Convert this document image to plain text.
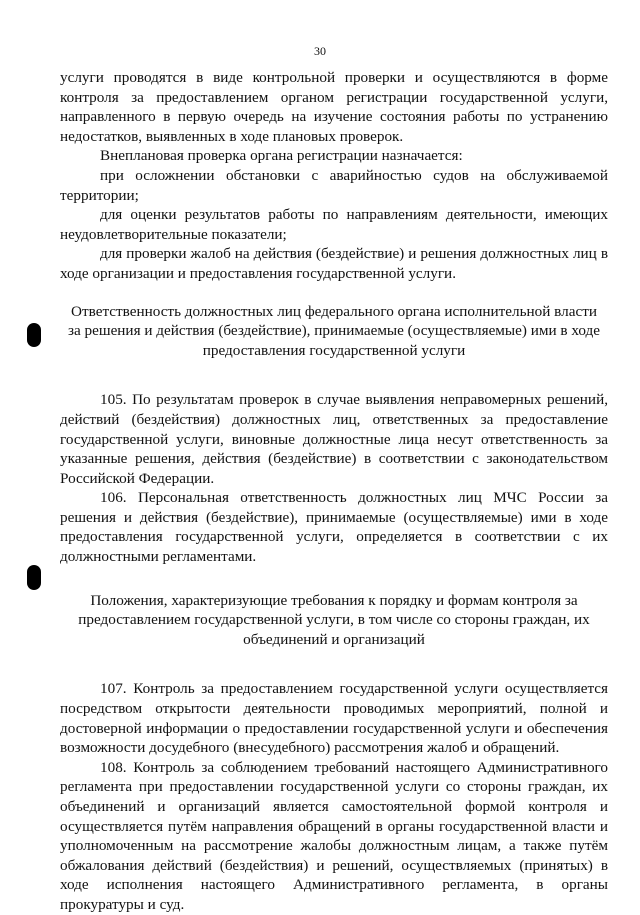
30

услуги проводятся в виде контрольной проверки и осуществляются в форме контроля за предоставлением органом регистрации государственной услуги, направленного в первую очередь на изучение состояния работы по устранению недостатков, выявленных в ходе плановых проверок.

Внеплановая проверка органа регистрации назначается:

при осложнении обстановки с аварийностью судов на обслуживаемой территории;

для оценки результатов работы по направлениям деятельности, имеющих неудовлетворительные показатели;

для проверки жалоб на действия (бездействие) и решения должностных лиц в ходе организации и предоставления государственной услуги.

Ответственность должностных лиц федерального органа исполнительной власти за решения и действия (бездействие), принимаемые (осуществляемые) ими в ходе предоставления государственной услуги

105. По результатам проверок в случае выявления неправомерных решений, действий (бездействия) должностных лиц, ответственных за предоставление государственной услуги, виновные должностные лица несут ответственность за указанные решения, действия (бездействие) в соответствии с законодательством Российской Федерации.

106. Персональная ответственность должностных лиц МЧС России за решения и действия (бездействие), принимаемые (осуществляемые) ими в ходе предоставления государственной услуги, определяется в соответствии с их должностными регламентами.

Положения, характеризующие требования к порядку и формам контроля за предоставлением государственной услуги, в том числе со стороны граждан, их объединений и организаций

107. Контроль за предоставлением государственной услуги осуществляется посредством открытости деятельности проводимых мероприятий, полной и достоверной информации о предоставлении государственной услуги и обеспечения возможности досудебного (внесудебного) рассмотрения жалоб и обращений.

108. Контроль за соблюдением требований настоящего Административного регламента при предоставлении государственной услуги со стороны граждан, их объединений и организаций является самостоятельной формой контроля и осуществляется путём направления обращений в органы государственной власти и уполномоченным на рассмотрение жалобы должностным лицам, а также путём обжалования действий (бездействия) и решений, осуществляемых (принятых) в ходе исполнения настоящего Административного регламента, в органы прокуратуры и суд.
